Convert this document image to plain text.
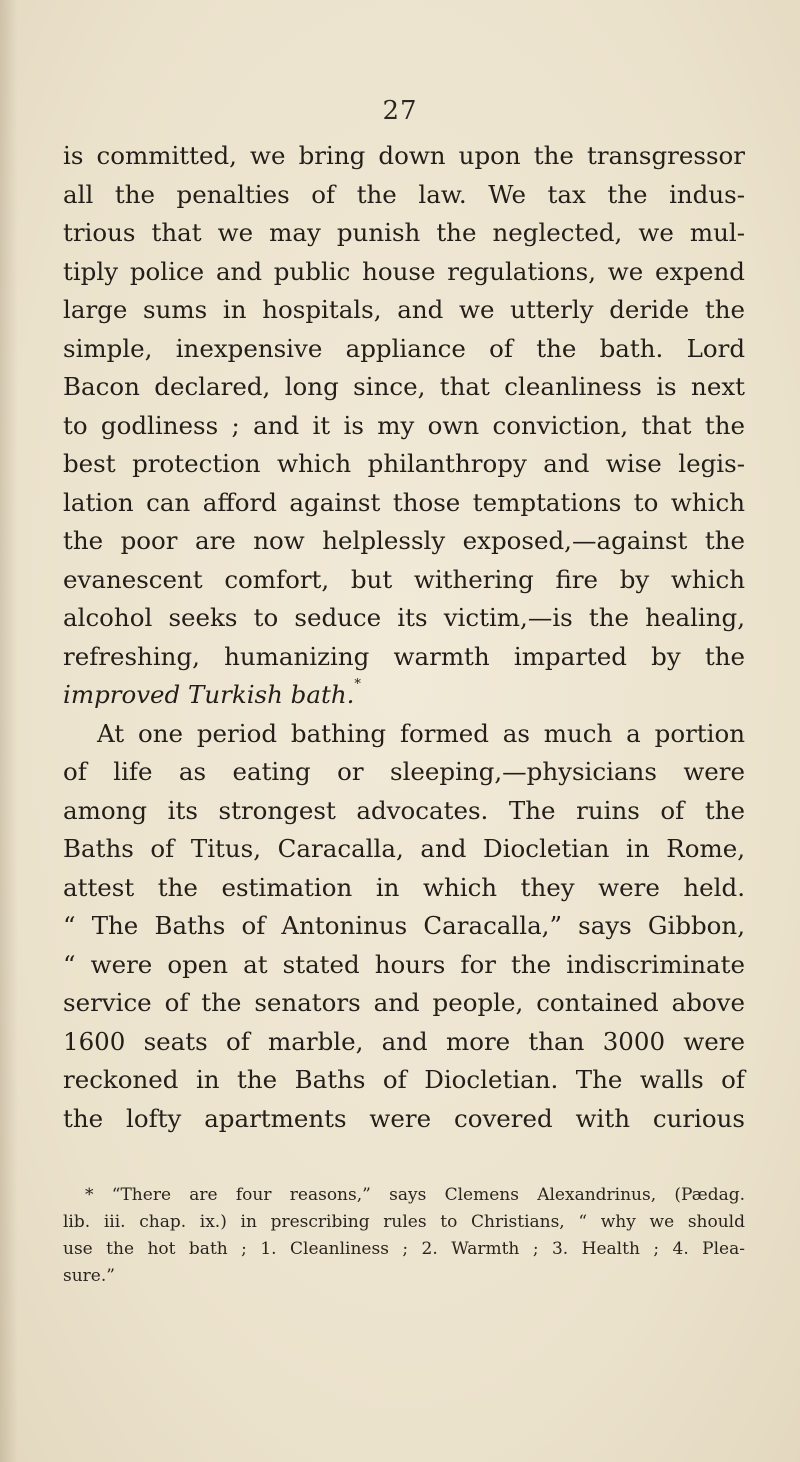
27
is committed, we bring down upon the transgressor
all the penalties of the law. We tax the indus-
trious that we may punish the neglected, we mul-
tiply police and public house regulations, we expend
large sums in hospitals, and we utterly deride the
simple, inexpensive appliance of the bath. Lord
Bacon declared, long since, that cleanliness is next
to godliness ; and it is my own conviction, that the
best protection which philanthropy and wise legis-
lation can afford against those temptations to which
the poor are now helplessly exposed,—against the
evanescent comfort, but withering fire by which
alcohol seeks to seduce its victim,—is the healing,
refreshing, humanizing warmth imparted by the
improved Turkish bath.*
At one period bathing formed as much a portion
of life as eating or sleeping,—physicians were
among its strongest advocates. The ruins of the
Baths of Titus, Caracalla, and Diocletian in Rome,
attest the estimation in which they were held.
“ The Baths of Antoninus Caracalla,” says Gibbon,
“ were open at stated hours for the indiscriminate
service of the senators and people, contained above
1600 seats of marble, and more than 3000 were
reckoned in the Baths of Diocletian. The walls of
the lofty apartments were covered with curious
* “There are four reasons,” says Clemens Alexandrinus, (Pædag.
lib. iii. chap. ix.) in prescribing rules to Christians, “ why we should
use the hot bath ; 1. Cleanliness ; 2. Warmth ; 3. Health ; 4. Plea-
sure.”
